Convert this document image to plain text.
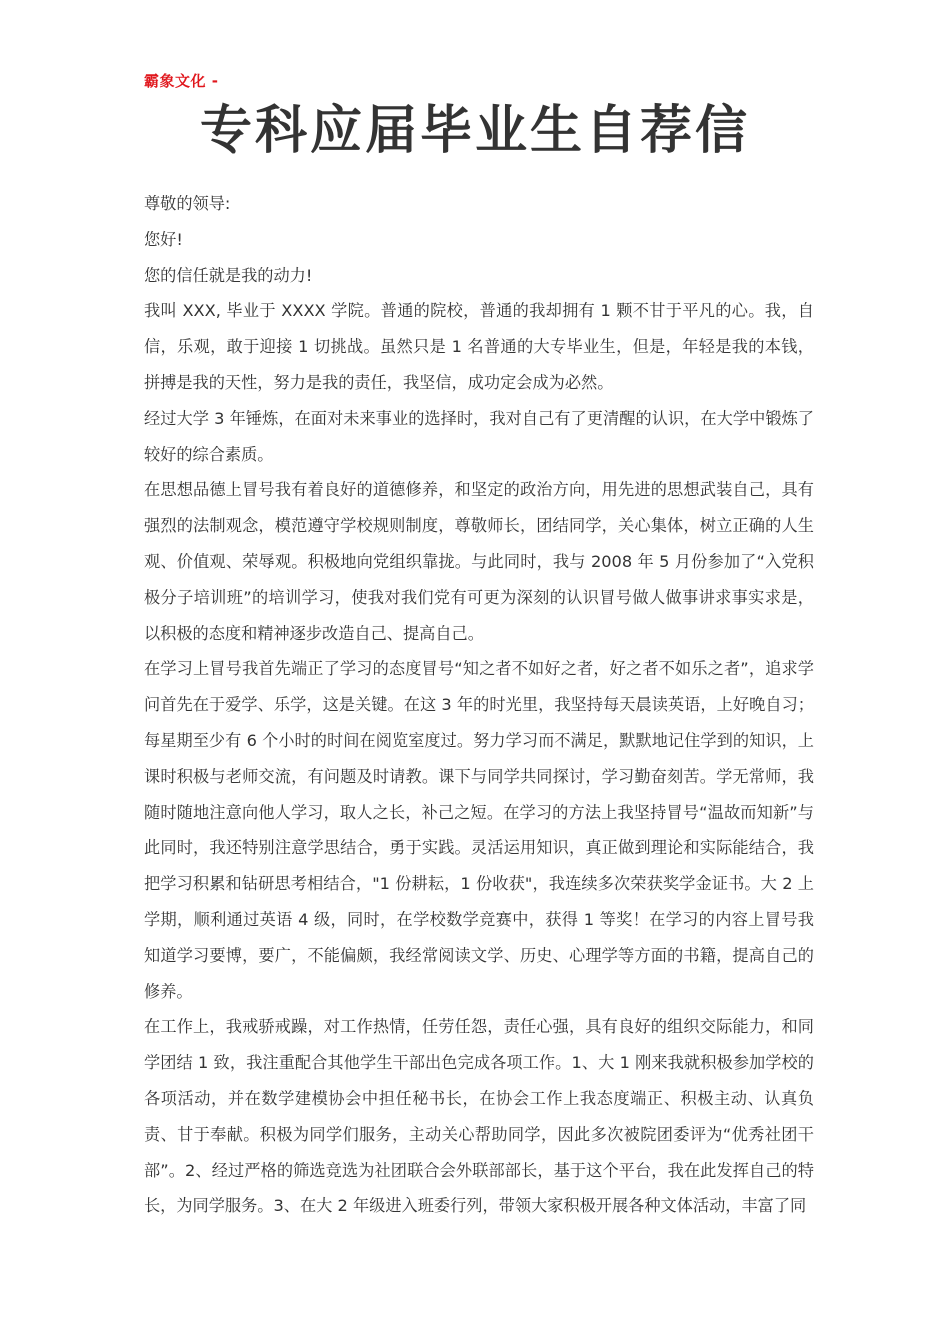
霸象文化 -
专科应届毕业生自荐信

尊敬的领导:

您好!

您的信任就是我的动力!

我叫 XXX, 毕业于 XXXX 学院。普通的院校，普通的我却拥有 1 颗不甘于平凡的心。我，自信，乐观，敢于迎接 1 切挑战。虽然只是 1 名普通的大专毕业生，但是，年轻是我的本钱，拼搏是我的天性，努力是我的责任，我坚信，成功定会成为必然。

经过大学 3 年锤炼，在面对未来事业的选择时，我对自己有了更清醒的认识，在大学中锻炼了较好的综合素质。

在思想品德上冒号我有着良好的道德修养，和坚定的政治方向，用先进的思想武装自己，具有强烈的法制观念，模范遵守学校规则制度，尊敬师长，团结同学，关心集体，树立正确的人生观、价值观、荣辱观。积极地向党组织靠拢。与此同时，我与 2008 年 5 月份参加了“入党积极分子培训班”的培训学习，使我对我们党有可更为深刻的认识冒号做人做事讲求事实求是，以积极的态度和精神逐步改造自己、提高自己。

在学习上冒号我首先端正了学习的态度冒号“知之者不如好之者，好之者不如乐之者”，追求学问首先在于爱学、乐学，这是关键。在这 3 年的时光里，我坚持每天晨读英语，上好晚自习；每星期至少有 6 个小时的时间在阅览室度过。努力学习而不满足，默默地记住学到的知识，上课时积极与老师交流，有问题及时请教。课下与同学共同探讨，学习勤奋刻苦。学无常师，我随时随地注意向他人学习，取人之长，补己之短。在学习的方法上我坚持冒号“温故而知新”与此同时，我还特别注意学思结合，勇于实践。灵活运用知识，真正做到理论和实际能结合，我把学习积累和钻研思考相结合，"1 份耕耘，1 份收获"，我连续多次荣获奖学金证书。大 2 上学期，顺利通过英语 4 级，同时，在学校数学竞赛中，获得 1 等奖！在学习的内容上冒号我知道学习要博，要广，不能偏颇，我经常阅读文学、历史、心理学等方面的书籍，提高自己的修养。

在工作上，我戒骄戒躁，对工作热情，任劳任怨，责任心强，具有良好的组织交际能力，和同学团结 1 致，我注重配合其他学生干部出色完成各项工作。1、大 1 刚来我就积极参加学校的各项活动，并在数学建模协会中担任秘书长，在协会工作上我态度端正、积极主动、认真负责、甘于奉献。积极为同学们服务，主动关心帮助同学，因此多次被院团委评为“优秀社团干部”。2、经过严格的筛选竞选为社团联合会外联部部长，基于这个平台，我在此发挥自己的特长，为同学服务。3、在大 2 年级进入班委行列，带领大家积极开展各种文体活动，丰富了同
